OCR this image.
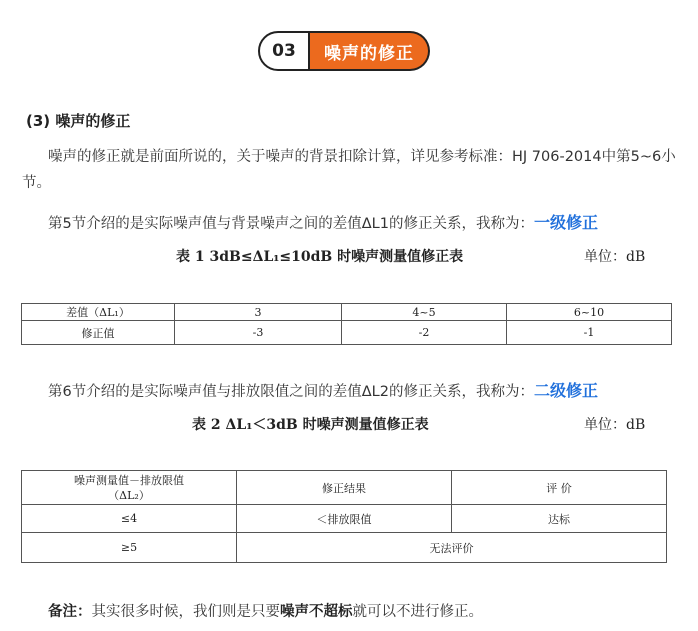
03	噪声的修正
(3) 噪声的修正
噪声的修正就是前面所说的，关于噪声的背景扣除计算，详见参考标准：HJ 706-2014中第5~6小节。
第5节介绍的是实际噪声值与背景噪声之间的差值ΔL1的修正关系，我称为：一级修正
表 1 3dB≤ΔL₁≤10dB 时噪声测量值修正表	单位：dB
差值（ΔL₁）	3	4~5	6~10
修正值	-3	-2	-1
第6节介绍的是实际噪声值与排放限值之间的差值ΔL2的修正关系，我称为：二级修正
表 2 ΔL₁＜3dB 时噪声测量值修正表	单位：dB
噪声测量值－排放限值
（ΔL₂）	修正结果	评 价
≤4	＜排放限值	达标
≥5	无法评价	
备注：其实很多时候，我们则是只要噪声不超标就可以不进行修正。
